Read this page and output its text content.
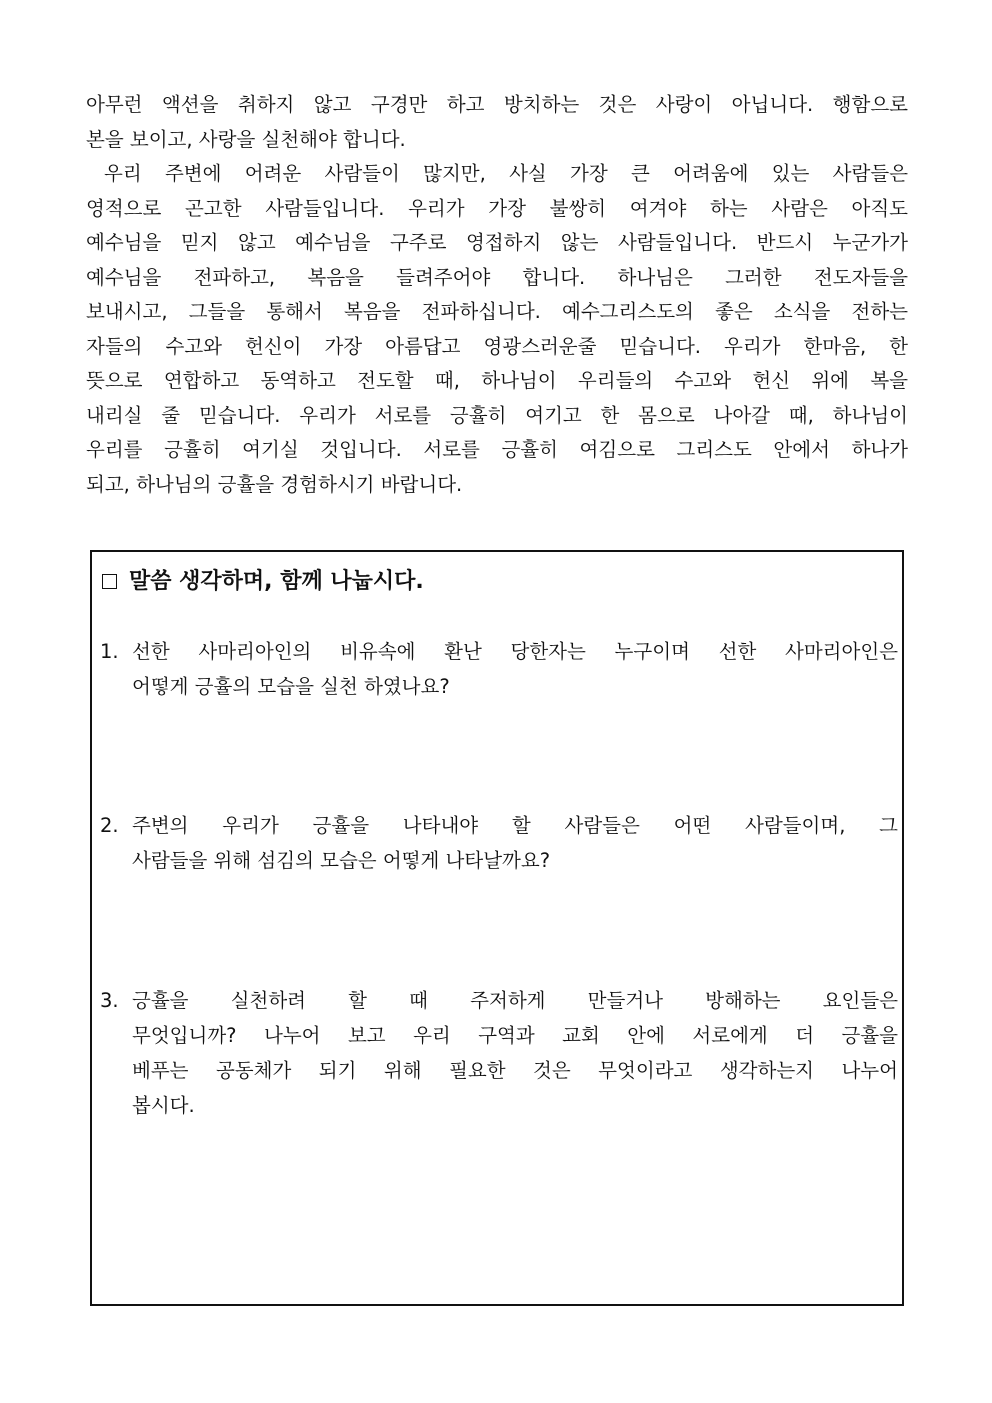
아무런 액션을 취하지 않고 구경만 하고 방치하는 것은 사랑이 아닙니다. 행함으로
본을 보이고, 사랑을 실천해야 합니다.

우리 주변에 어려운 사람들이 많지만, 사실 가장 큰 어려움에 있는 사람들은
영적으로 곤고한 사람들입니다. 우리가 가장 불쌍히 여겨야 하는 사람은 아직도
예수님을 믿지 않고 예수님을 구주로 영접하지 않는 사람들입니다. 반드시 누군가가
예수님을 전파하고, 복음을 들려주어야 합니다. 하나님은 그러한 전도자들을
보내시고, 그들을 통해서 복음을 전파하십니다. 예수그리스도의 좋은 소식을 전하는
자들의 수고와 헌신이 가장 아름답고 영광스러운줄 믿습니다. 우리가 한마음, 한
뜻으로 연합하고 동역하고 전도할 때, 하나님이 우리들의 수고와 헌신 위에 복을
내리실 줄 믿습니다. 우리가 서로를 긍휼히 여기고 한 몸으로 나아갈 때, 하나님이
우리를 긍휼히 여기실 것입니다. 서로를 긍휼히 여김으로 그리스도 안에서 하나가
되고, 하나님의 긍휼을 경험하시기 바랍니다.

말씀 생각하며, 함께 나눕시다.
1. 선한 사마리아인의 비유속에 환난 당한자는 누구이며 선한 사마리아인은
어떻게 긍휼의 모습을 실천 하였나요?
2. 주변의 우리가 긍휼을 나타내야 할 사람들은 어떤 사람들이며, 그
사람들을 위해 섬김의 모습은 어떻게 나타날까요?
3. 긍휼을 실천하려 할 때 주저하게 만들거나 방해하는 요인들은
무엇입니까? 나누어 보고 우리 구역과 교회 안에 서로에게 더 긍휼을
베푸는 공동체가 되기 위해 필요한 것은 무엇이라고 생각하는지 나누어
봅시다.
